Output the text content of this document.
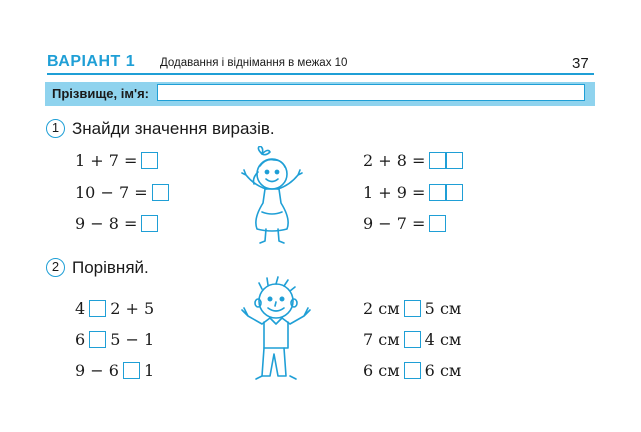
ВАРІАНТ 1 Додавання і віднімання в межах 10	37
Прізвище, ім'я:
1 Знайди значення виразів.
1 + 7 =
10 − 7 =
9 − 8 =
2 + 8 =
1 + 9 =
9 − 7 =
2 Порівняй.
4 2 + 5
6 5 − 1
9 − 6 1
2 см 5 см
7 см 4 см
6 см 6 см
